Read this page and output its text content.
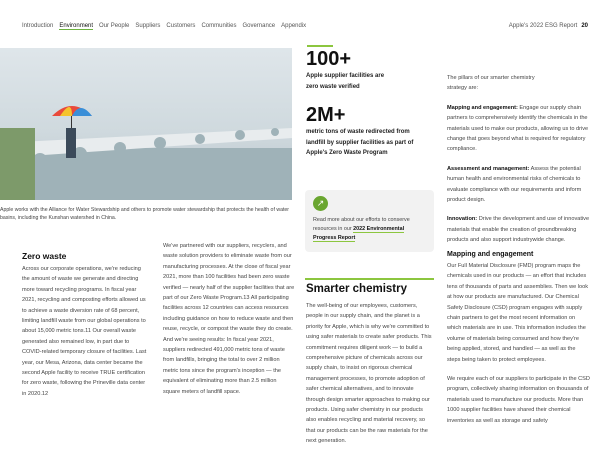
Introduction Environment Our People Suppliers Customers Communities Governance Appendix	Apple's 2022 ESG Report 20
Apple works with the Alliance for Water Stewardship and others to promote water stewardship that protects the health of water basins, including the Kunshan watershed in China.
100+
Apple supplier facilities are zero waste verified
2M+
metric tons of waste redirected from landfill by supplier facilities as part of Apple's Zero Waste Program
↗
Read more about our efforts to conserve resources in our 2022 Environmental Progress Report
Zero waste
Across our corporate operations, we're reducing the amount of waste we generate and directing more toward recycling programs. In fiscal year 2021, recycling and composting efforts allowed us to achieve a waste diversion rate of 68 percent, limiting landfill waste from our global operations to about 15,000 metric tons.11 Our overall waste generated also remained low, in part due to COVID-related temporary closure of facilities. Last year, our Mesa, Arizona, data center became the second Apple facility to receive TRUE certification for zero waste, following the Prineville data center in 2020.12
We've partnered with our suppliers, recyclers, and waste solution providers to eliminate waste from our manufacturing processes. At the close of fiscal year 2021, more than 100 facilities had been zero waste verified — nearly half of the supplier facilities that are part of our Zero Waste Program.13 All participating facilities across 12 countries can access resources including guidance on how to reduce waste and then reuse, recycle, or compost the waste they do create. And we're seeing results: In fiscal year 2021, suppliers redirected 491,000 metric tons of waste from landfills, bringing the total to over 2 million metric tons since the program's inception — the equivalent of eliminating more than 2.5 million square meters of landfill space.
Smarter chemistry
The well-being of our employees, customers, people in our supply chain, and the planet is a priority for Apple, which is why we're committed to using safer materials to create safer products. This commitment requires diligent work — to build a comprehensive picture of chemicals across our supply chain, to insist on rigorous chemical management processes, to promote adoption of safer chemical alternatives, and to innovate through design smarter approaches to making our products. Using safer chemistry in our products also enables recycling and material recovery, so that our products can be the raw materials for the next generation.
The pillars of our smarter chemistry strategy are:
Mapping and engagement: Engage our supply chain partners to comprehensively identify the chemicals in the materials used to make our products, allowing us to drive change that goes beyond what is required for regulatory compliance.
Assessment and management: Assess the potential human health and environmental risks of chemicals to evaluate compliance with our requirements and inform product design.
Innovation: Drive the development and use of innovative materials that enable the creation of groundbreaking products and also support industrywide change.
Mapping and engagement
Our Full Material Disclosure (FMD) program maps the chemicals used in our products — an effort that includes tens of thousands of parts and assemblies. Then we look at how our products are manufactured. Our Chemical Safety Disclosure (CSD) program engages with supply chain partners to get the most recent information on which materials are in use. This information includes the volume of materials being consumed and how they're being applied, stored, and handled — as well as the steps being taken to protect employees.
We require each of our suppliers to participate in the CSD program, collectively sharing information on thousands of materials used to manufacture our products. More than 1000 supplier facilities have shared their chemical inventories as well as storage and safety
